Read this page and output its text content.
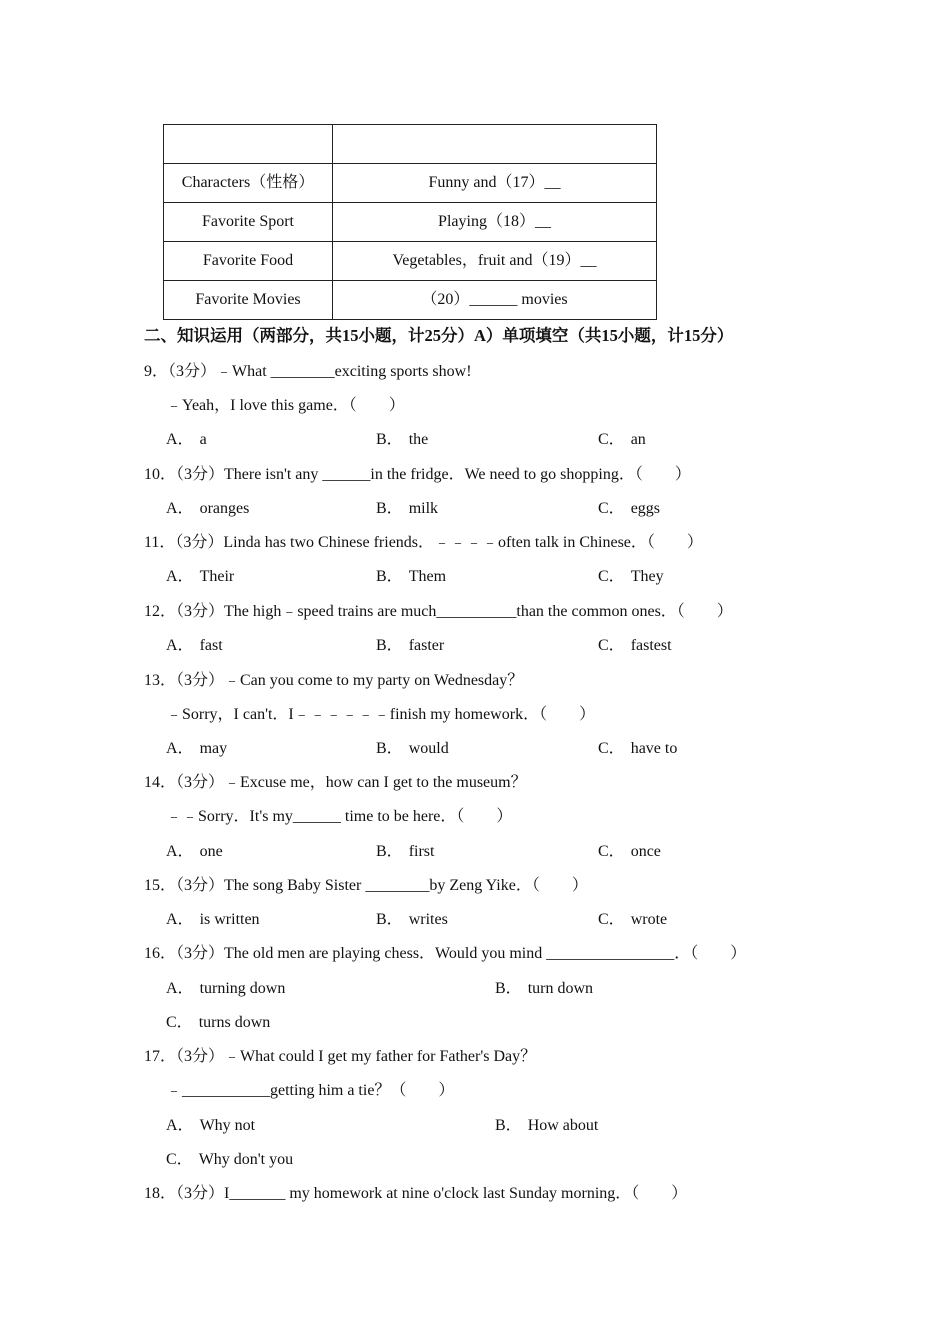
Characters（性格）	Funny and（17）__
Favorite Sport	Playing（18）__
Favorite Food	Vegetables，fruit and（19）__
Favorite Movies	（20）______ movies
二、知识运用（两部分，共15小题，计25分）A）单项填空（共15小题，计15分）
9．（3分）﹣What ________exciting sports show!
﹣Yeah，I love this game．（　　）
A． a	B． the	C． an
10．（3分）There isn't any ______in the fridge．We need to go shopping．（　　）
A． oranges	B． milk	C． eggs
11．（3分）Linda has two Chinese friends．﹣﹣﹣﹣often talk in Chinese．（　　）
A． Their	B． Them	C． They
12．（3分）The high﹣speed trains are much__________than the common ones．（　　）
A． fast	B． faster	C． fastest
13．（3分）﹣Can you come to my party on Wednesday？
﹣Sorry，I can't．I﹣﹣﹣﹣﹣﹣finish my homework．（　　）
A． may	B． would	C． have to
14．（3分）﹣Excuse me，how can I get to the museum？
﹣﹣Sorry．It's my______ time to be here．（　　）
A． one	B． first	C． once
15．（3分）The song Baby Sister ________by Zeng Yike．（　　）
A． is written	B． writes	C． wrote
16．（3分）The old men are playing chess．Would you mind ________________．（　　）
A． turning down	B． turn down
C． turns down
17．（3分）﹣What could I get my father for Father's Day？
﹣___________getting him a tie？（　　）
A． Why not	B． How about
C． Why don't you
18．（3分）I_______ my homework at nine o'clock last Sunday morning．（　　）
